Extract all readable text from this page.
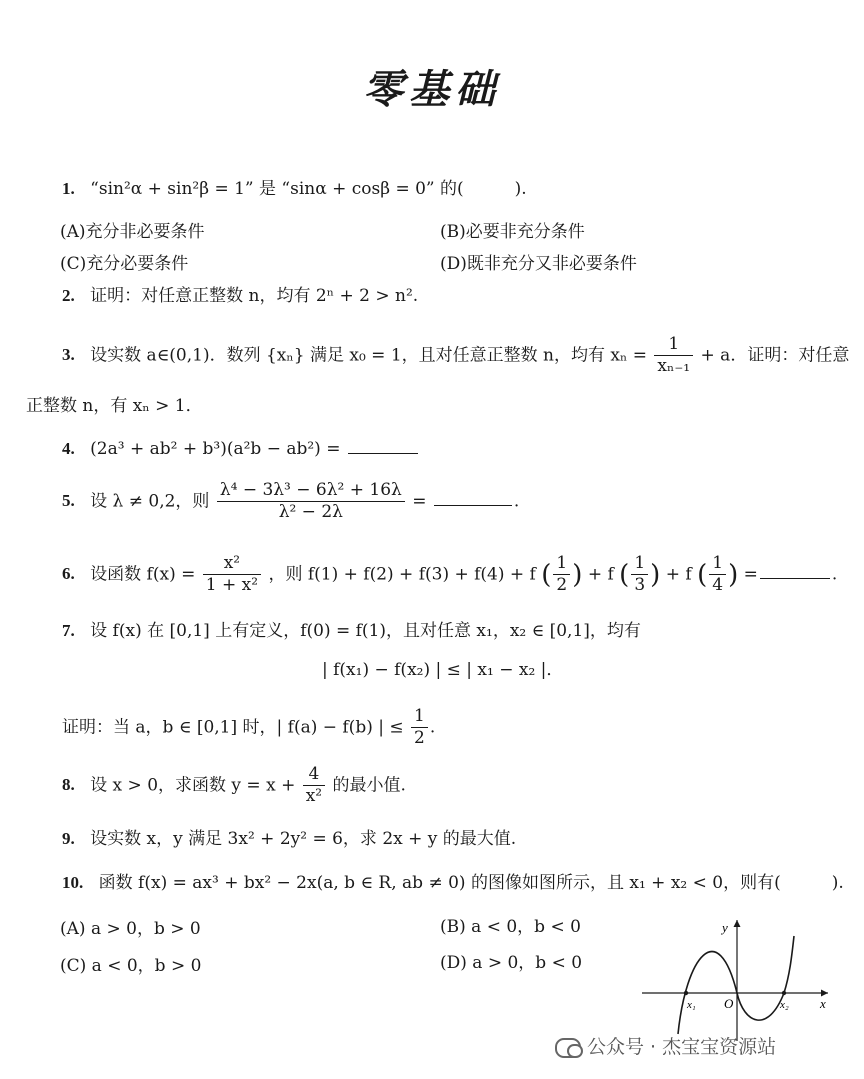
零基础
1. “sin²α + sin²β = 1” 是 “sinα + cosβ = 0” 的(　　　).
(A)充分非必要条件	(B)必要非充分条件
(C)充分必要条件	(D)既非充分又非必要条件
2. 证明：对任意正整数 n，均有 2ⁿ + 2 > n².
3. 设实数 a∈(0,1)．数列 {xₙ} 满足 x₀ = 1，且对任意正整数 n，均有 $x_n = \frac{1}{\text{xₙ₋₁}} + a$．证明：对任意
正整数 n，有 xₙ > 1．
4. (2a³ + ab² + b³)(a²b − ab²) =
5. 设 λ ≠ 0,2，则 $\frac{\text{λ⁴ − 3λ³ − 6λ² + 16λ}}{\text{λ² − 2λ}}$ =	.
6. 设函数 $f(x) = \frac{\text{x²}}{\text{1 + x²}}$ ，则 f(1) + f(2) + f(3) + f(4) + f ( $\frac{1}{2}$ ) + f ( $\frac{1}{3}$ ) + f ( $\frac{1}{4}$ ) =	.
7. 设 f(x) 在 [0,1] 上有定义，f(0) = f(1)，且对任意 x₁，x₂ ∈ [0,1]，均有
| f(x₁) − f(x₂) | ≤ | x₁ − x₂ |．
证明：当 a，b ∈ [0,1] 时，| f(a) − f(b) | ≤ $\frac{1}{2}$ .
8. 设 x > 0，求函数 $y = x + \frac{4}{\text{x²}}$ 的最小值.
9. 设实数 x，y 满足 3x² + 2y² = 6，求 2x + y 的最大值.
10. 函数 f(x) = ax³ + bx² − 2x(a, b ∈ R, ab ≠ 0) 的图像如图所示，且 x₁ + x₂ < 0，则有(　　　).
(A) a > 0，b > 0	(B) a < 0，b < 0
(C) a < 0，b > 0	(D) a > 0，b < 0
y
x
O
x₁	x₂
公众号 · 杰宝宝资源站
